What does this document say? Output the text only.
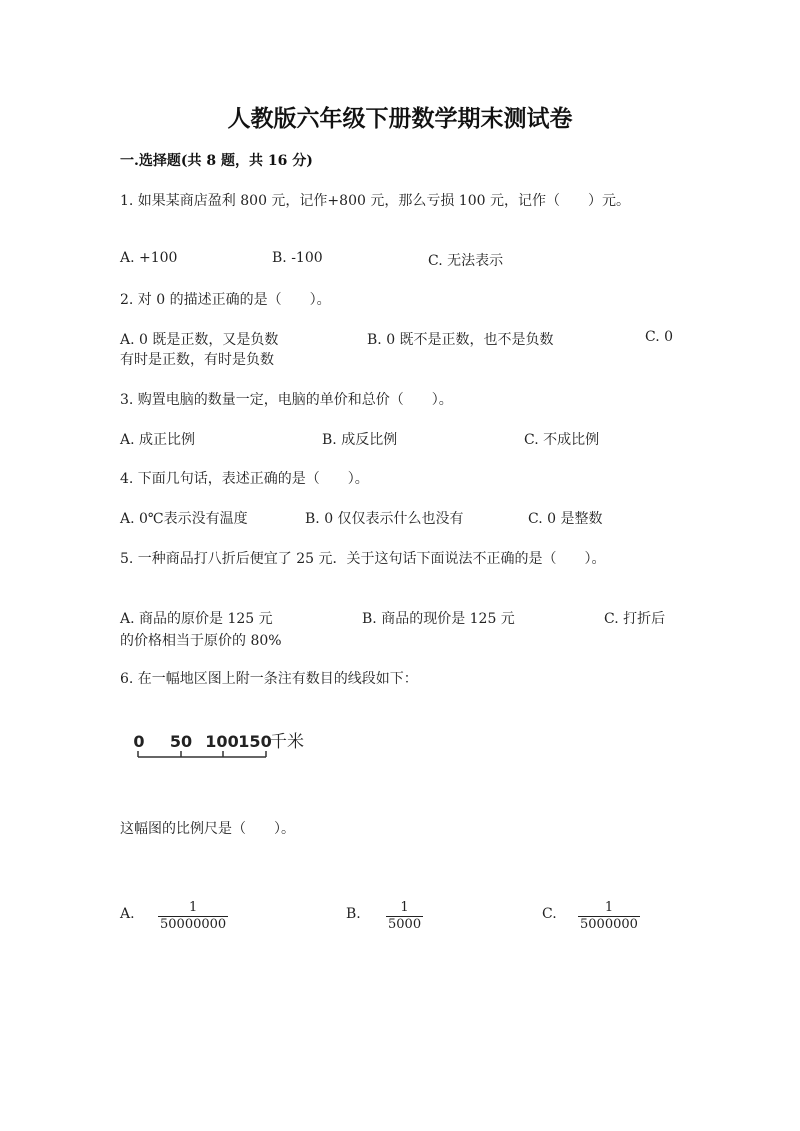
人教版六年级下册数学期末测试卷
一.选择题(共 8 题，共 16 分)
1. 如果某商店盈利 800 元，记作+800 元，那么亏损 100 元，记作（　　）元。
A. +100	B. -100	C. 无法表示
2. 对 0 的描述正确的是（　　）。
A. 0 既是正数，又是负数	B. 0 既不是正数，也不是负数	C. 0
有时是正数，有时是负数
3. 购置电脑的数量一定，电脑的单价和总价（　　）。
A. 成正比例	B. 成反比例	C. 不成比例
4. 下面几句话，表述正确的是（　　）。
A. 0℃表示没有温度	B. 0 仅仅表示什么也没有	C. 0 是整数
5. 一种商品打八折后便宜了 25 元．关于这句话下面说法不正确的是（　　）。
A. 商品的原价是 125 元	B. 商品的现价是 125 元	C. 打折后
的价格相当于原价的 80%
6. 在一幅地区图上附一条注有数目的线段如下：
0 50 100 150
千米
这幅图的比例尺是（　　）。
A. $\frac{1}{50000000}$	B. $\frac{1}{5000}$	C. $\frac{1}{5000000}$
